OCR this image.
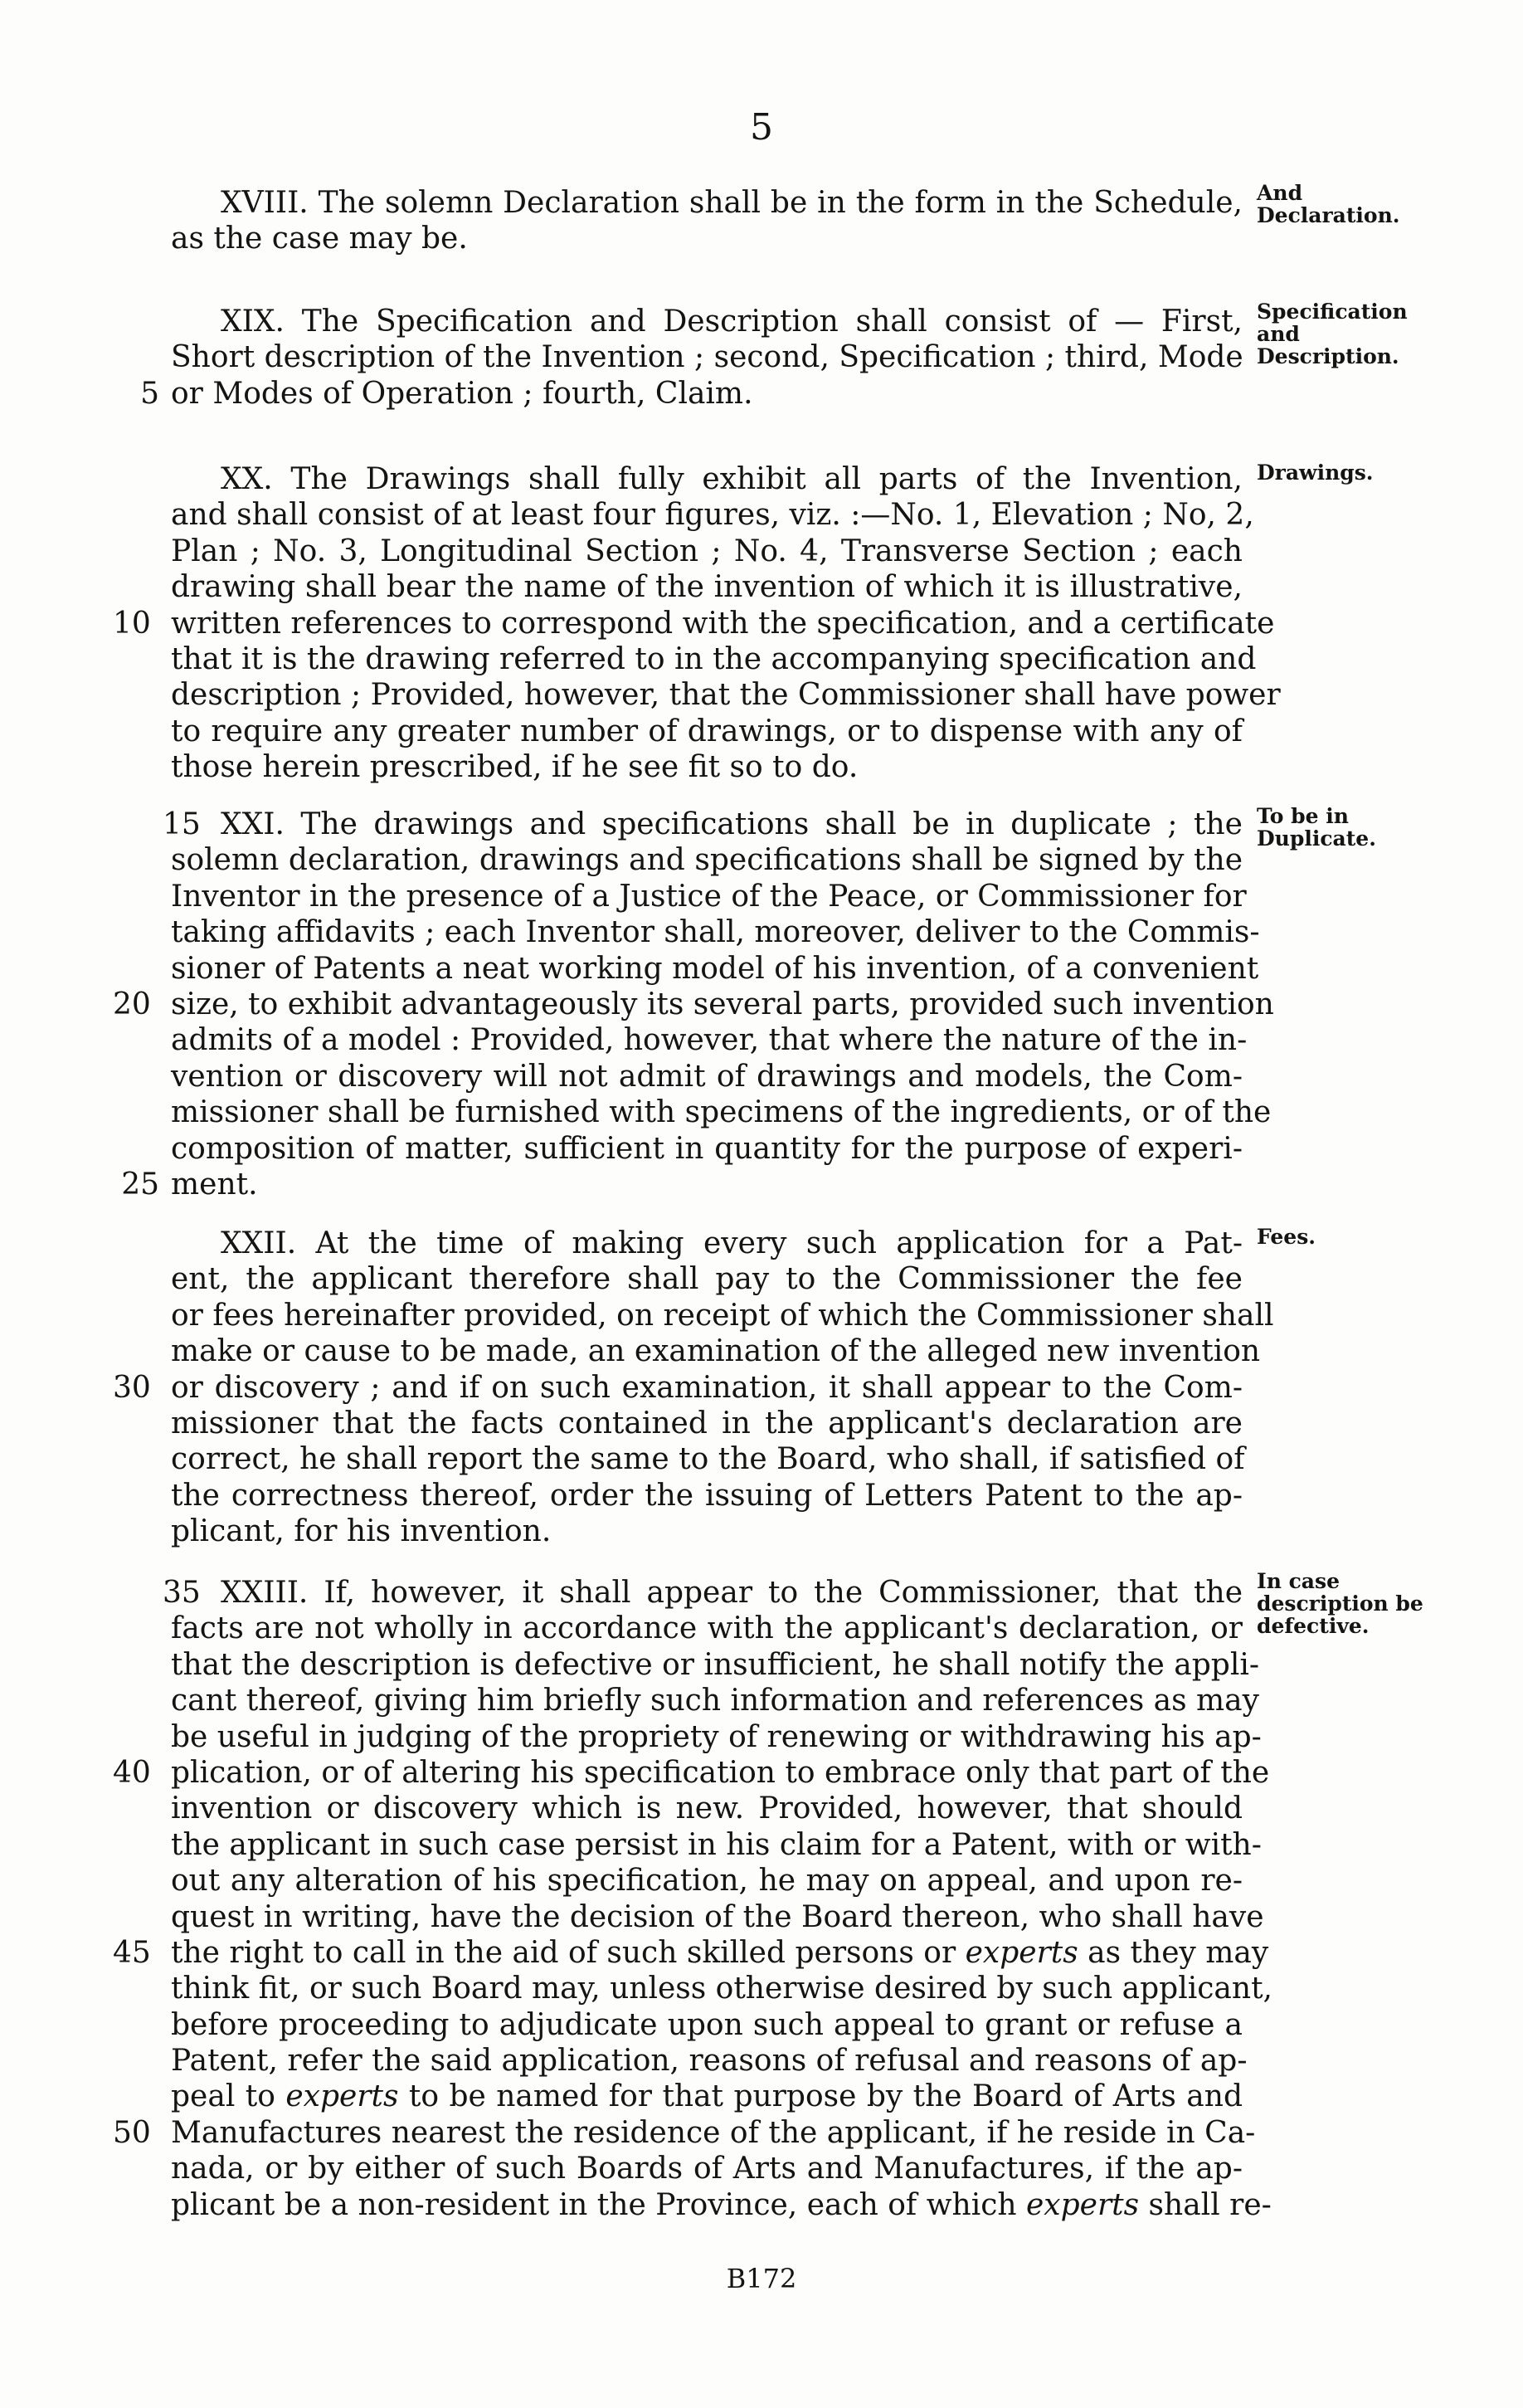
5
XVIII. The solemn Declaration shall be in the form in the Schedule,
as the case may be.
And Declaration.
XIX. The Specification and Description shall consist of — First,
Short description of the Invention ; second, Specification ; third, Mode
or Modes of Operation ; fourth, Claim.
5
Specification and Description.
XX. The Drawings shall fully exhibit all parts of the Invention,
and shall consist of at least four figures, viz. :—No. 1, Elevation ; No, 2,
Plan ; No. 3, Longitudinal Section ; No. 4, Transverse Section ; each
drawing shall bear the name of the invention of which it is illustrative,
written references to correspond with the specification, and a certificate
10
that it is the drawing referred to in the accompanying specification and
description ; Provided, however, that the Commissioner shall have power
to require any greater number of drawings, or to dispense with any of
those herein prescribed, if he see fit so to do.
Drawings.
XXI. The drawings and specifications shall be in duplicate ; the
15
solemn declaration, drawings and specifications shall be signed by the
Inventor in the presence of a Justice of the Peace, or Commissioner for
taking affidavits ; each Inventor shall, moreover, deliver to the Commis-
sioner of Patents a neat working model of his invention, of a convenient
size, to exhibit advantageously its several parts, provided such invention
20
admits of a model : Provided, however, that where the nature of the in-
vention or discovery will not admit of drawings and models, the Com-
missioner shall be furnished with specimens of the ingredients, or of the
composition of matter, sufficient in quantity for the purpose of experi-
ment.
25
To be in Duplicate.
XXII. At the time of making every such application for a Pat-
ent, the applicant therefore shall pay to the Commissioner the fee
or fees hereinafter provided, on receipt of which the Commissioner shall
make or cause to be made, an examination of the alleged new invention
or discovery ; and if on such examination, it shall appear to the Com-
30
missioner that the facts contained in the applicant's declaration are
correct, he shall report the same to the Board, who shall, if satisfied of
the correctness thereof, order the issuing of Letters Patent to the ap-
plicant, for his invention.
Fees.
XXIII. If, however, it shall appear to the Commissioner, that the
35
facts are not wholly in accordance with the applicant's declaration, or
that the description is defective or insufficient, he shall notify the appli-
cant thereof, giving him briefly such information and references as may
be useful in judging of the propriety of renewing or withdrawing his ap-
plication, or of altering his specification to embrace only that part of the
40
invention or discovery which is new. Provided, however, that should
the applicant in such case persist in his claim for a Patent, with or with-
out any alteration of his specification, he may on appeal, and upon re-
quest in writing, have the decision of the Board thereon, who shall have
the right to call in the aid of such skilled persons or experts as they may
45
think fit, or such Board may, unless otherwise desired by such applicant,
before proceeding to adjudicate upon such appeal to grant or refuse a
Patent, refer the said application, reasons of refusal and reasons of ap-
peal to experts to be named for that purpose by the Board of Arts and
Manufactures nearest the residence of the applicant, if he reside in Ca-
50
nada, or by either of such Boards of Arts and Manufactures, if the ap-
plicant be a non-resident in the Province, each of which experts shall re-
In case description be defective.
B172
